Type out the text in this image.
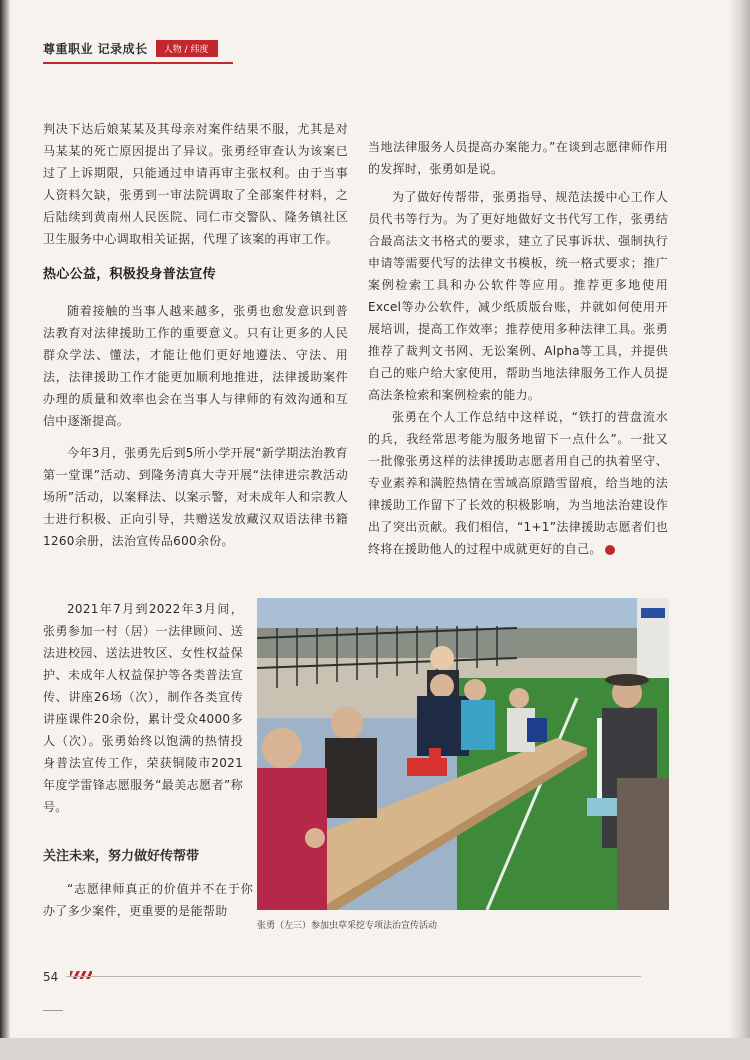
尊重职业 记录成长	人物 / 纬度

判决下达后娘某某及其母亲对案件结果不服，尤其是对马某某的死亡原因提出了异议。张勇经审查认为该案已过了上诉期限，只能通过申请再审主张权利。由于当事人资料欠缺，张勇到一审法院调取了全部案件材料，之后陆续到黄南州人民医院、同仁市交警队、隆务镇社区卫生服务中心调取相关证据，代理了该案的再审工作。

热心公益，积极投身普法宣传

随着接触的当事人越来越多，张勇也愈发意识到普法教育对法律援助工作的重要意义。只有让更多的人民群众学法、懂法，才能让他们更好地遵法、守法、用法，法律援助工作才能更加顺利地推进，法律援助案件办理的质量和效率也会在当事人与律师的有效沟通和互信中逐渐提高。

今年3月，张勇先后到5所小学开展“新学期法治教育第一堂课”活动、到隆务清真大寺开展“法律进宗教活动场所”活动，以案释法、以案示警，对未成年人和宗教人士进行积极、正向引导，共赠送发放藏汉双语法律书籍1260余册，法治宣传品600余份。

2021年7月到2022年3月间，张勇参加一村（居）一法律顾问、送法进校园、送法进牧区、女性权益保护、未成年人权益保护等各类普法宣传、讲座26场（次），制作各类宣传讲座课件20余份，累计受众4000多人（次）。张勇始终以饱满的热情投身普法宣传工作，荣获铜陵市2021年度学雷锋志愿服务“最美志愿者”称号。

关注未来，努力做好传帮带

“志愿律师真正的价值并不在于你办了多少案件，更重要的是能帮助

当地法律服务人员提高办案能力。”在谈到志愿律师作用的发挥时，张勇如是说。

为了做好传帮带，张勇指导、规范法援中心工作人员代书等行为。为了更好地做好文书代写工作，张勇结合最高法文书格式的要求，建立了民事诉状、强制执行申请等需要代写的法律文书模板，统一格式要求；推广案例检索工具和办公软件等应用。推荐更多地使用Excel等办公软件，减少纸质版台账，并就如何使用开展培训，提高工作效率；推荐使用多种法律工具。张勇推荐了裁判文书网、无讼案例、Alpha等工具，并提供自己的账户给大家使用，帮助当地法律服务工作人员提高法条检索和案例检索的能力。

张勇在个人工作总结中这样说，“铁打的营盘流水的兵，我经常思考能为服务地留下一点什么”。一批又一批像张勇这样的法律援助志愿者用自己的执着坚守、专业素养和满腔热情在雪域高原踏雪留痕，给当地的法律援助工作留下了长效的积极影响，为当地法治建设作出了突出贡献。我们相信，“1+1”法律援助志愿者们也终将在援助他人的过程中成就更好的自己。

张勇（左三）参加虫草采挖专项法治宣传活动
54
